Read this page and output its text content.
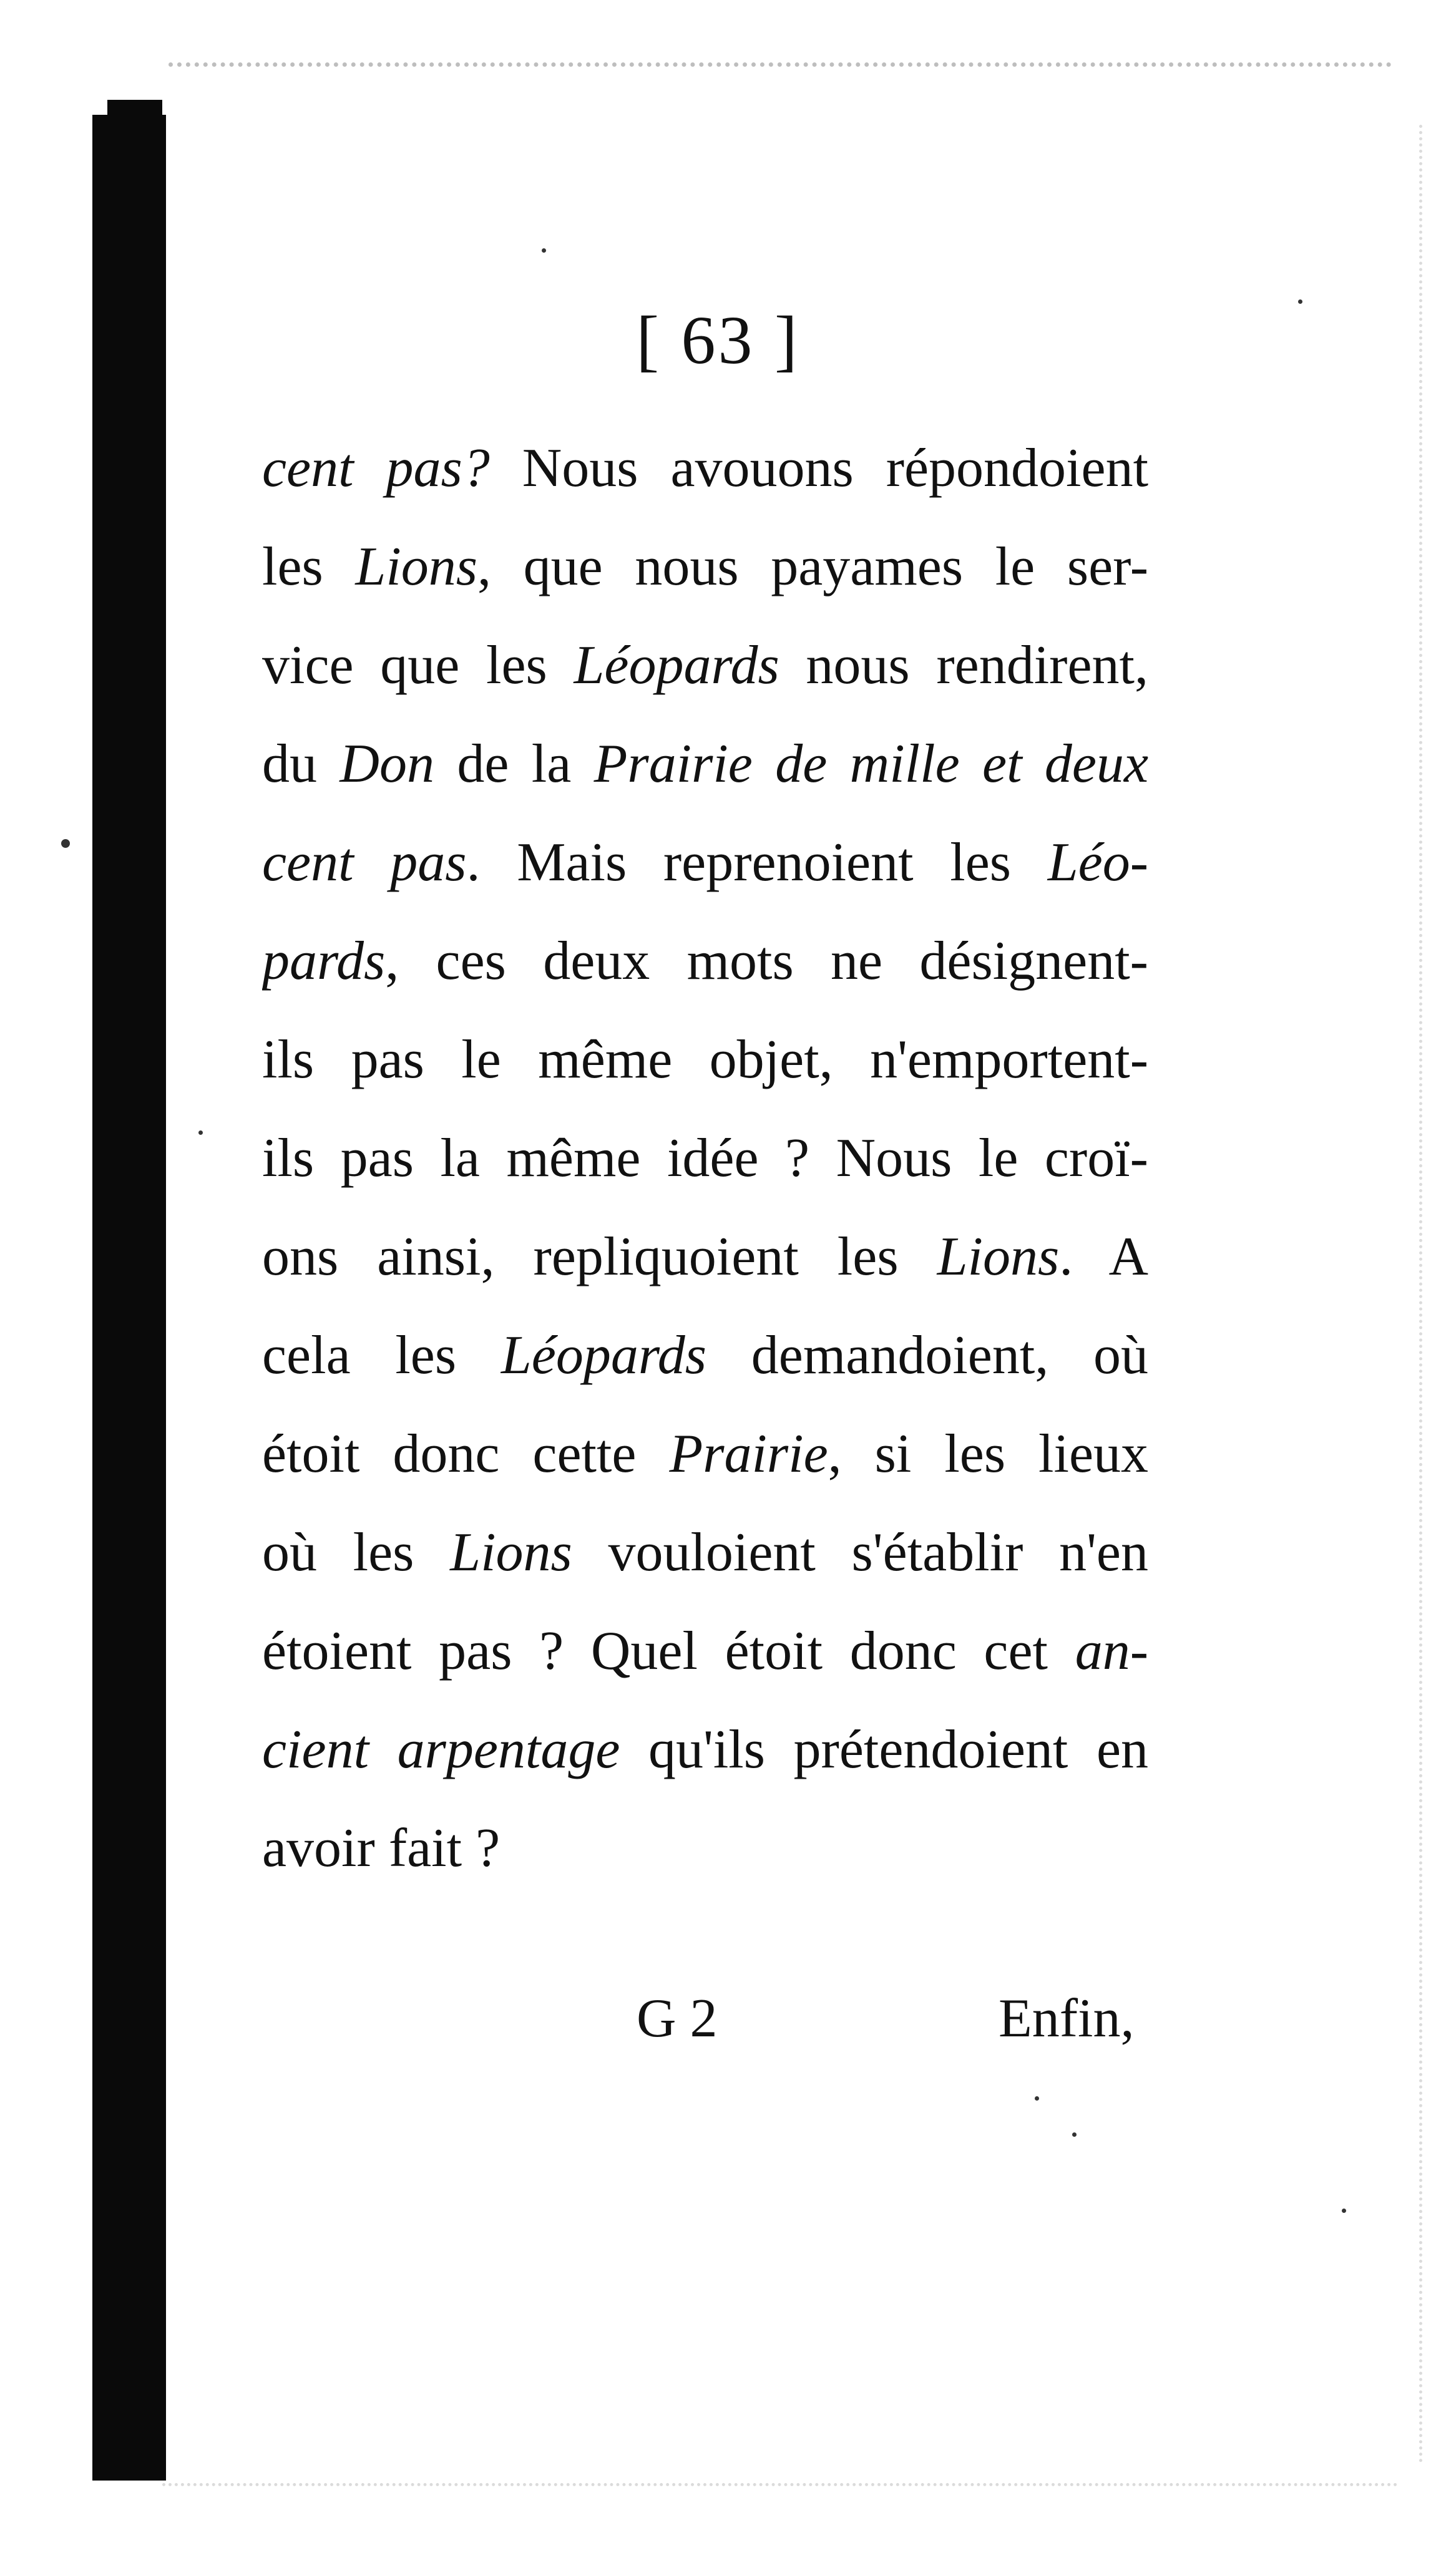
[ 63 ]
cent pas? Nous avouons répondoient
les Lions, que nous payames le ser-
vice que les Léopards nous rendirent,
du Don de la Prairie de mille et deux
cent pas. Mais reprenoient les Léo-
pards, ces deux mots ne désignent-
ils pas le même objet, n'emportent-
ils pas la même idée ? Nous le croï-
ons ainsi, repliquoient les Lions. A
cela les Léopards demandoient, où
étoit donc cette Prairie, si les lieux
où les Lions vouloient s'établir n'en
étoient pas ? Quel étoit donc cet an-
cient arpentage qu'ils prétendoient en
avoir fait ?
G 2	Enfin,
